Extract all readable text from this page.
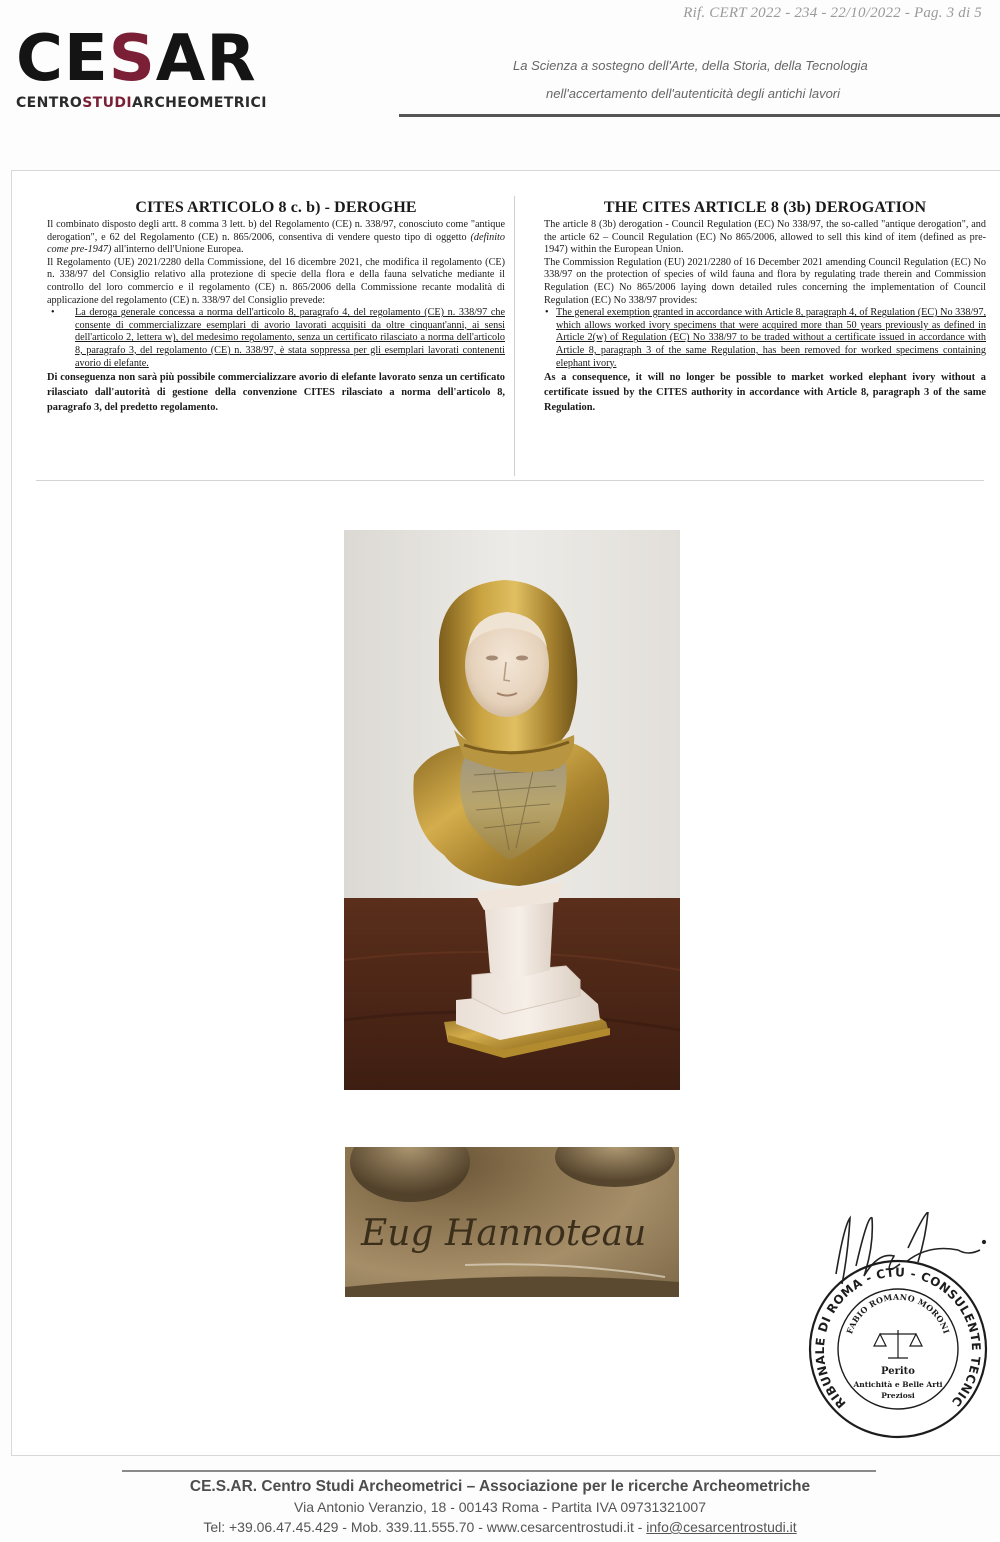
Rif. CERT 2022 - 234 - 22/10/2022 - Pag. 3 di 5
CESAR
CENTROSTUDIARCHEOMETRICI
La Scienza a sostegno dell'Arte, della Storia, della Tecnologia
nell'accertamento dell'autenticità degli antichi lavori
CITES ARTICOLO 8 c. b) - DEROGHE

Il combinato disposto degli artt. 8 comma 3 lett. b) del Regolamento (CE) n. 338/97, conosciuto come "antique derogation", e 62 del Regolamento (CE) n. 865/2006, consentiva di vendere questo tipo di oggetto (definito come pre-1947) all'interno dell'Unione Europea.

Il Regolamento (UE) 2021/2280 della Commissione, del 16 dicembre 2021, che modifica il regolamento (CE) n. 338/97 del Consiglio relativo alla protezione di specie della flora e della fauna selvatiche mediante il controllo del loro commercio e il regolamento (CE) n. 865/2006 della Commissione recante modalità di applicazione del regolamento (CE) n. 338/97 del Consiglio prevede:

• La deroga generale concessa a norma dell'articolo 8, paragrafo 4, del regolamento (CE) n. 338/97 che consente di commercializzare esemplari di avorio lavorati acquisiti da oltre cinquant'anni, ai sensi dell'articolo 2, lettera w), del medesimo regolamento, senza un certificato rilasciato a norma dell'articolo 8, paragrafo 3, del regolamento (CE) n. 338/97, è stata soppressa per gli esemplari lavorati contenenti avorio di elefante.

Di conseguenza non sarà più possibile commercializzare avorio di elefante lavorato senza un certificato rilasciato dall'autorità di gestione della convenzione CITES rilasciato a norma dell'articolo 8, paragrafo 3, del predetto regolamento.

THE CITES ARTICLE 8 (3b) DEROGATION

The article 8 (3b) derogation - Council Regulation (EC) No 338/97, the so-called "antique derogation", and the article 62 – Council Regulation (EC) No 865/2006, allowed to sell this kind of item (defined as pre-1947) within the European Union.

The Commission Regulation (EU) 2021/2280 of 16 December 2021 amending Council Regulation (EC) No 338/97 on the protection of species of wild fauna and flora by regulating trade therein and Commission Regulation (EC) No 865/2006 laying down detailed rules concerning the implementation of Council Regulation (EC) No 338/97 provides:

• The general exemption granted in accordance with Article 8, paragraph 4, of Regulation (EC) No 338/97, which allows worked ivory specimens that were acquired more than 50 years previously as defined in Article 2(w) of Regulation (EC) No 338/97 to be traded without a certificate issued in accordance with Article 8, paragraph 3 of the same Regulation, has been removed for worked specimens containing elephant ivory.

As a consequence, it will no longer be possible to market worked elephant ivory without a certificate issued by the CITES authority in accordance with Article 8, paragraph 3 of the same Regulation.

Eug Hannoteau
RIBUNALE DI ROMA - CTU - CONSULENTE TECNIC
FABIO ROMANO MORONI
Perito
Antichità e Belle Arti
Preziosi
CE.S.AR. Centro Studi Archeometrici – Associazione per le ricerche Archeometriche
Via Antonio Veranzio, 18 - 00143 Roma - Partita IVA 09731321007
Tel: +39.06.47.45.429 - Mob. 339.11.555.70 - www.cesarcentrostudi.it - info@cesarcentrostudi.it
